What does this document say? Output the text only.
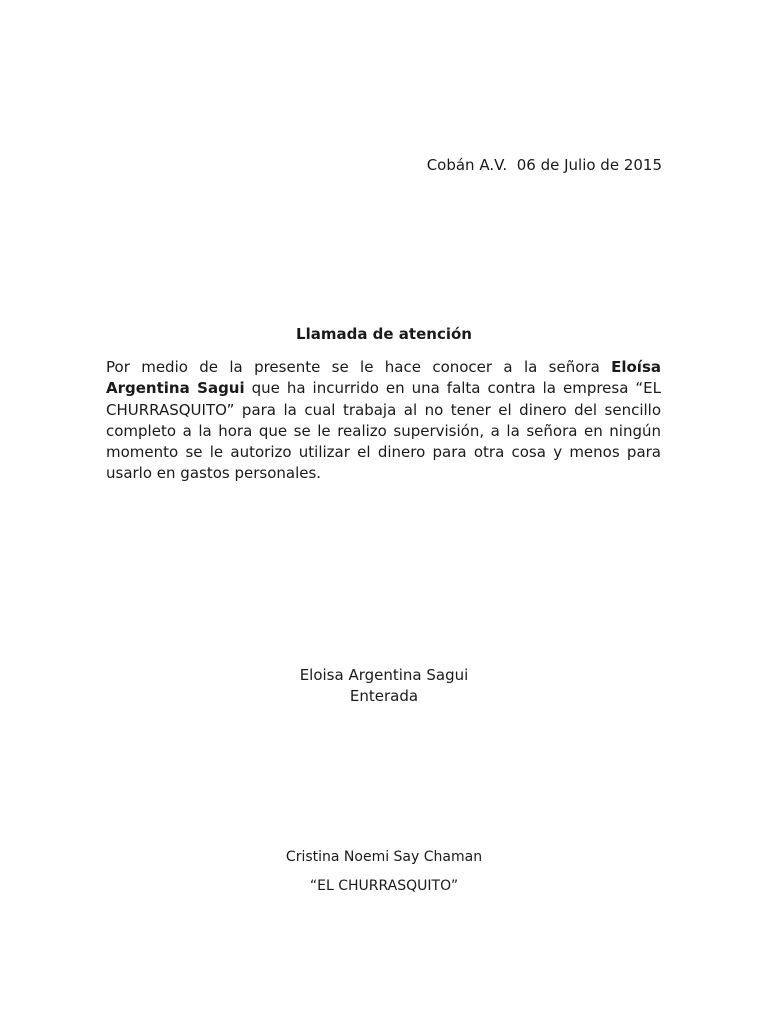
Cobán A.V.  06 de Julio de 2015
Llamada de atención
Por medio de la presente se le hace conocer a la señora Eloísa Argentina Sagui que ha incurrido en una falta contra la empresa “EL CHURRASQUITO” para la cual trabaja al no tener el dinero del sencillo completo a la hora que se le realizo supervisión, a la señora en ningún momento se le autorizo utilizar el dinero para otra cosa y menos para usarlo en gastos personales.
Eloisa Argentina Sagui
Enterada
Cristina Noemi Say Chaman
“EL CHURRASQUITO”
